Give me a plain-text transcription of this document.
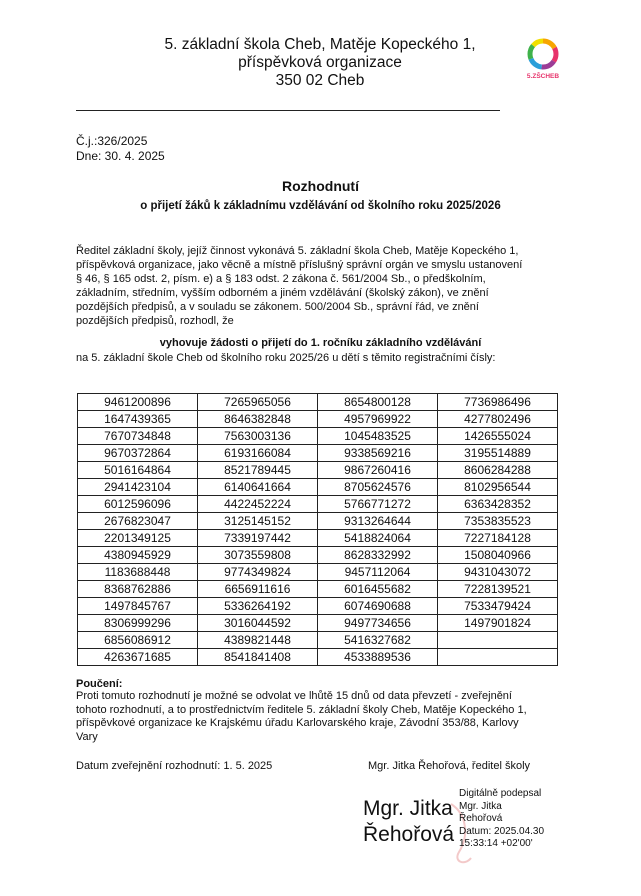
5. základní škola Cheb, Matěje Kopeckého 1,
příspěvková organizace
350 02 Cheb	5.ZŠCHEB
Č.j.:326/2025
Dne: 30. 4. 2025
Rozhodnutí
o přijetí žáků k základnímu vzdělávání od školního roku 2025/2026
Ředitel základní školy, jejíž činnost vykonává 5. základní škola Cheb, Matěje Kopeckého 1,
příspěvková organizace, jako věcně a místně příslušný správní orgán ve smyslu ustanovení
§ 46, § 165 odst. 2, písm. e) a § 183 odst. 2 zákona č. 561/2004 Sb., o předškolním,
základním, středním, vyšším odborném a jiném vzdělávání (školský zákon), ve znění
pozdějších předpisů, a v souladu se zákonem. 500/2004 Sb., správní řád, ve znění
pozdějších předpisů, rozhodl, že
vyhovuje žádosti o přijetí do 1. ročníku základního vzdělávání
na 5. základní škole Cheb od školního roku 2025/26 u dětí s těmito registračními čísly:
9461200896	7265965056	8654800128	7736986496
1647439365	8646382848	4957969922	4277802496
7670734848	7563003136	1045483525	1426555024
9670372864	6193166084	9338569216	3195514889
5016164864	8521789445	9867260416	8606284288
2941423104	6140641664	8705624576	8102956544
6012596096	4422452224	5766771272	6363428352
2676823047	3125145152	9313264644	7353835523
2201349125	7339197442	5418824064	7227184128
4380945929	3073559808	8628332992	1508040966
1183688448	9774349824	9457112064	9431043072
8368762886	6656911616	6016455682	7228139521
1497845767	5336264192	6074690688	7533479424
8306999296	3016044592	9497734656	1497901824
6856086912	4389821448	5416327682	
4263671685	8541841408	4533889536	
Poučení:
Proti tomuto rozhodnutí je možné se odvolat ve lhůtě 15 dnů od data převzetí - zveřejnění
tohoto rozhodnutí, a to prostřednictvím ředitele 5. základní školy Cheb, Matěje Kopeckého 1,
příspěvkové organizace ke Krajskému úřadu Karlovarského kraje, Závodní 353/88, Karlovy
Vary
Datum zveřejnění rozhodnutí: 1. 5. 2025	Mgr. Jitka Řehořová, ředitel školy
Mgr. Jitka
Řehořová
Digitálně podepsal
Mgr. Jitka
Řehořová
Datum: 2025.04.30
15:33:14 +02'00'
